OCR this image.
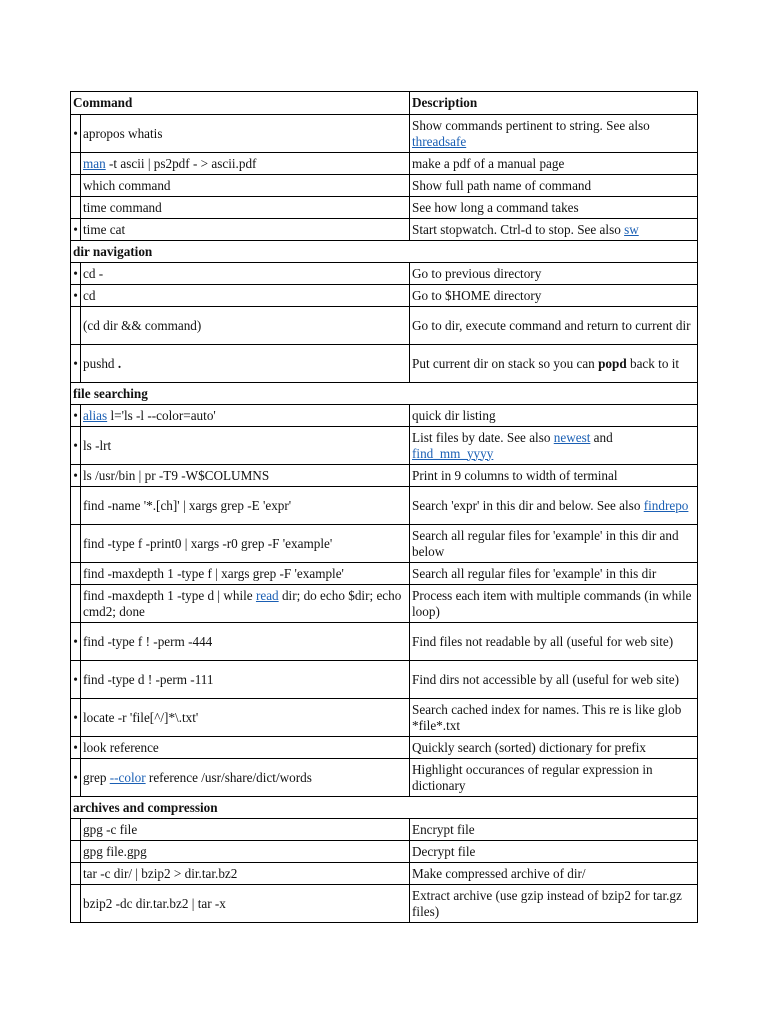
Command		Description
•	apropos whatis	Show commands pertinent to string. See also threadsafe
	man -t ascii | ps2pdf - > ascii.pdf	make a pdf of a manual page
	which command	Show full path name of command
	time command	See how long a command takes
•	time cat	Start stopwatch. Ctrl-d to stop. See also sw
dir navigation		
•	cd -	Go to previous directory
•	cd	Go to $HOME directory
	(cd dir && command)	Go to dir, execute command and return to current dir
•	pushd .	Put current dir on stack so you can popd back to it
file searching		
•	alias l='ls -l --color=auto'	quick dir listing
•	ls -lrt	List files by date. See also newest and find_mm_yyyy
•	ls /usr/bin | pr -T9 -W$COLUMNS	Print in 9 columns to width of terminal
	find -name '*.[ch]' | xargs grep -E 'expr'	Search 'expr' in this dir and below. See also findrepo
	find -type f -print0 | xargs -r0 grep -F 'example'	Search all regular files for 'example' in this dir and below
	find -maxdepth 1 -type f | xargs grep -F 'example'	Search all regular files for 'example' in this dir
	find -maxdepth 1 -type d | while read dir; do echo $dir; echo cmd2; done	Process each item with multiple commands (in while loop)
•	find -type f ! -perm -444	Find files not readable by all (useful for web site)
•	find -type d ! -perm -111	Find dirs not accessible by all (useful for web site)
•	locate -r 'file[^/]*\.txt'	Search cached index for names. This re is like glob *file*.txt
•	look reference	Quickly search (sorted) dictionary for prefix
•	grep --color reference /usr/share/dict/words	Highlight occurances of regular expression in dictionary
archives and compression		
	gpg -c file	Encrypt file
	gpg file.gpg	Decrypt file
	tar -c dir/ | bzip2 > dir.tar.bz2	Make compressed archive of dir/
	bzip2 -dc dir.tar.bz2 | tar -x	Extract archive (use gzip instead of bzip2 for tar.gz files)
